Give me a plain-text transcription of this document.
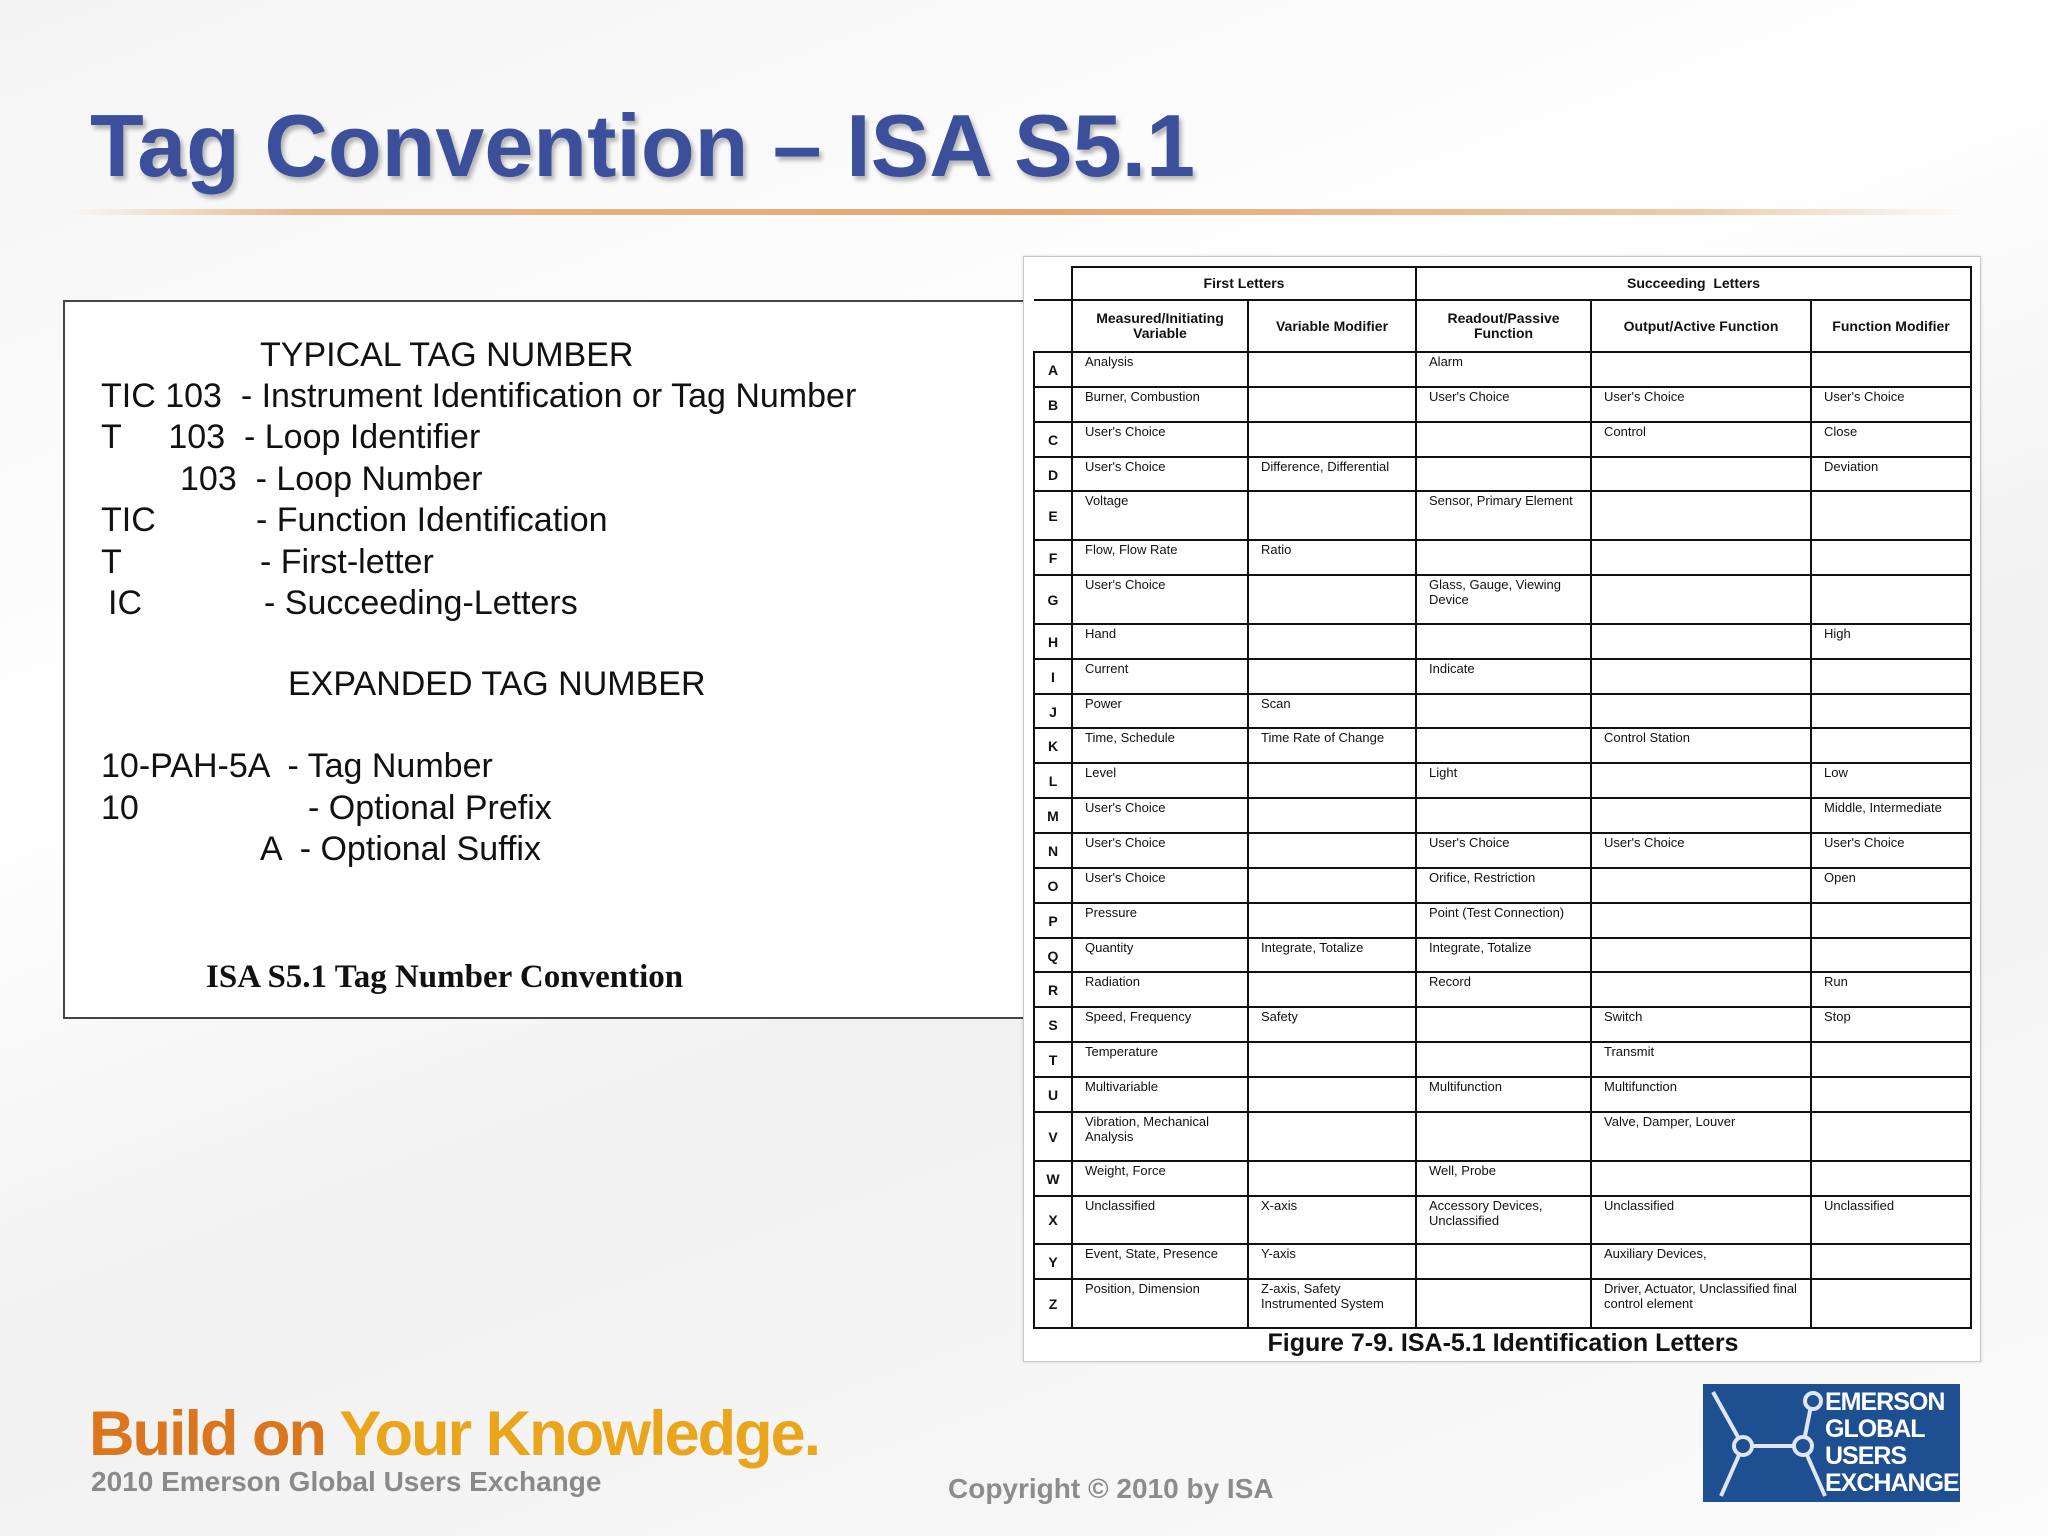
Tag Convention – ISA S5.1
TYPICAL TAG NUMBER
TIC 103  - Instrument Identification or Tag Number
T     103  - Loop Identifier
103  - Loop Number
TIC	- Function Identification
T	- First-letter
IC	- Succeeding-Letters
EXPANDED TAG NUMBER
10-PAH-5A  - Tag Number
10	- Optional Prefix
A  - Optional Suffix
ISA S5.1 Tag Number Convention
	First Letters		Succeeding  Letters		
	Measured/Initiating Variable	Variable Modifier	Readout/Passive Function	Output/Active Function	Function Modifier
A	Analysis		Alarm		
B	Burner, Combustion		User's Choice	User's Choice	User's Choice
C	User's Choice			Control	Close
D	User's Choice	Difference, Differential			Deviation
E	Voltage		Sensor, Primary Element		
F	Flow, Flow Rate	Ratio			
G	User's Choice		Glass, Gauge, Viewing Device		
H	Hand				High
I	Current		Indicate		
J	Power	Scan			
K	Time, Schedule	Time Rate of Change		Control Station	
L	Level		Light		Low
M	User's Choice				Middle, Intermediate
N	User's Choice		User's Choice	User's Choice	User's Choice
O	User's Choice		Orifice, Restriction		Open
P	Pressure		Point (Test Connection)		
Q	Quantity	Integrate, Totalize	Integrate, Totalize		
R	Radiation		Record		Run
S	Speed, Frequency	Safety		Switch	Stop
T	Temperature			Transmit	
U	Multivariable		Multifunction	Multifunction	
V	Vibration, Mechanical Analysis			Valve, Damper, Louver	
W	Weight, Force		Well, Probe		
X	Unclassified	X-axis	Accessory Devices, Unclassified	Unclassified	Unclassified
Y	Event, State, Presence	Y-axis		Auxiliary Devices,	
Z	Position, Dimension	Z-axis, Safety Instrumented System		Driver, Actuator, Unclassified final control element	
Figure 7-9. ISA-5.1 Identification Letters
Build on Your Knowledge.
2010 Emerson Global Users Exchange	Copyright © 2010 by ISA
EMERSON
GLOBAL
USERS
EXCHANGE
